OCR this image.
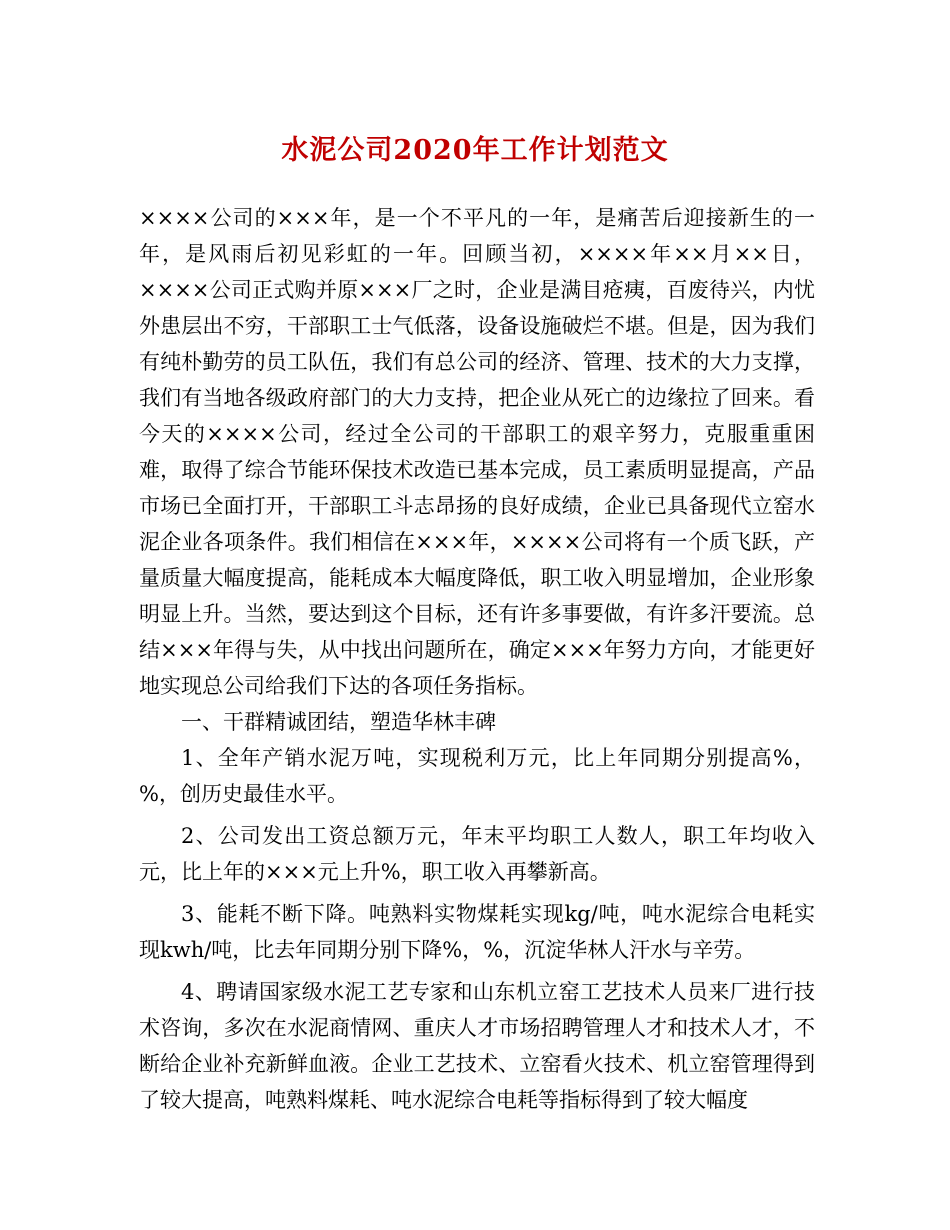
水泥公司2020年工作计划范文

××××公司的×××年，是一个不平凡的一年，是痛苦后迎接新生的一年，是风雨后初见彩虹的一年。回顾当初，××××年××月××日，××××公司正式购并原×××厂之时，企业是满目疮痍，百废待兴，内忧外患层出不穷，干部职工士气低落，设备设施破烂不堪。但是，因为我们有纯朴勤劳的员工队伍，我们有总公司的经济、管理、技术的大力支撑，我们有当地各级政府部门的大力支持，把企业从死亡的边缘拉了回来。看今天的××××公司，经过全公司的干部职工的艰辛努力，克服重重困难，取得了综合节能环保技术改造已基本完成，员工素质明显提高，产品市场已全面打开，干部职工斗志昂扬的良好成绩，企业已具备现代立窑水泥企业各项条件。我们相信在×××年，××××公司将有一个质飞跃，产量质量大幅度提高，能耗成本大幅度降低，职工收入明显增加，企业形象明显上升。当然，要达到这个目标，还有许多事要做，有许多汗要流。总结×××年得与失，从中找出问题所在，确定×××年努力方向，才能更好地实现总公司给我们下达的各项任务指标。

一、干群精诚团结，塑造华林丰碑

1、全年产销水泥万吨，实现税利万元，比上年同期分别提高%，%，创历史最佳水平。

2、公司发出工资总额万元，年末平均职工人数人，职工年均收入元，比上年的×××元上升%，职工收入再攀新高。

3、能耗不断下降。吨熟料实物煤耗实现kg/吨，吨水泥综合电耗实现kwh/吨，比去年同期分别下降%，%，沉淀华林人汗水与辛劳。

4、聘请国家级水泥工艺专家和山东机立窑工艺技术人员来厂进行技术咨询，多次在水泥商情网、重庆人才市场招聘管理人才和技术人才，不断给企业补充新鲜血液。企业工艺技术、立窑看火技术、机立窑管理得到了较大提高，吨熟料煤耗、吨水泥综合电耗等指标得到了较大幅度
